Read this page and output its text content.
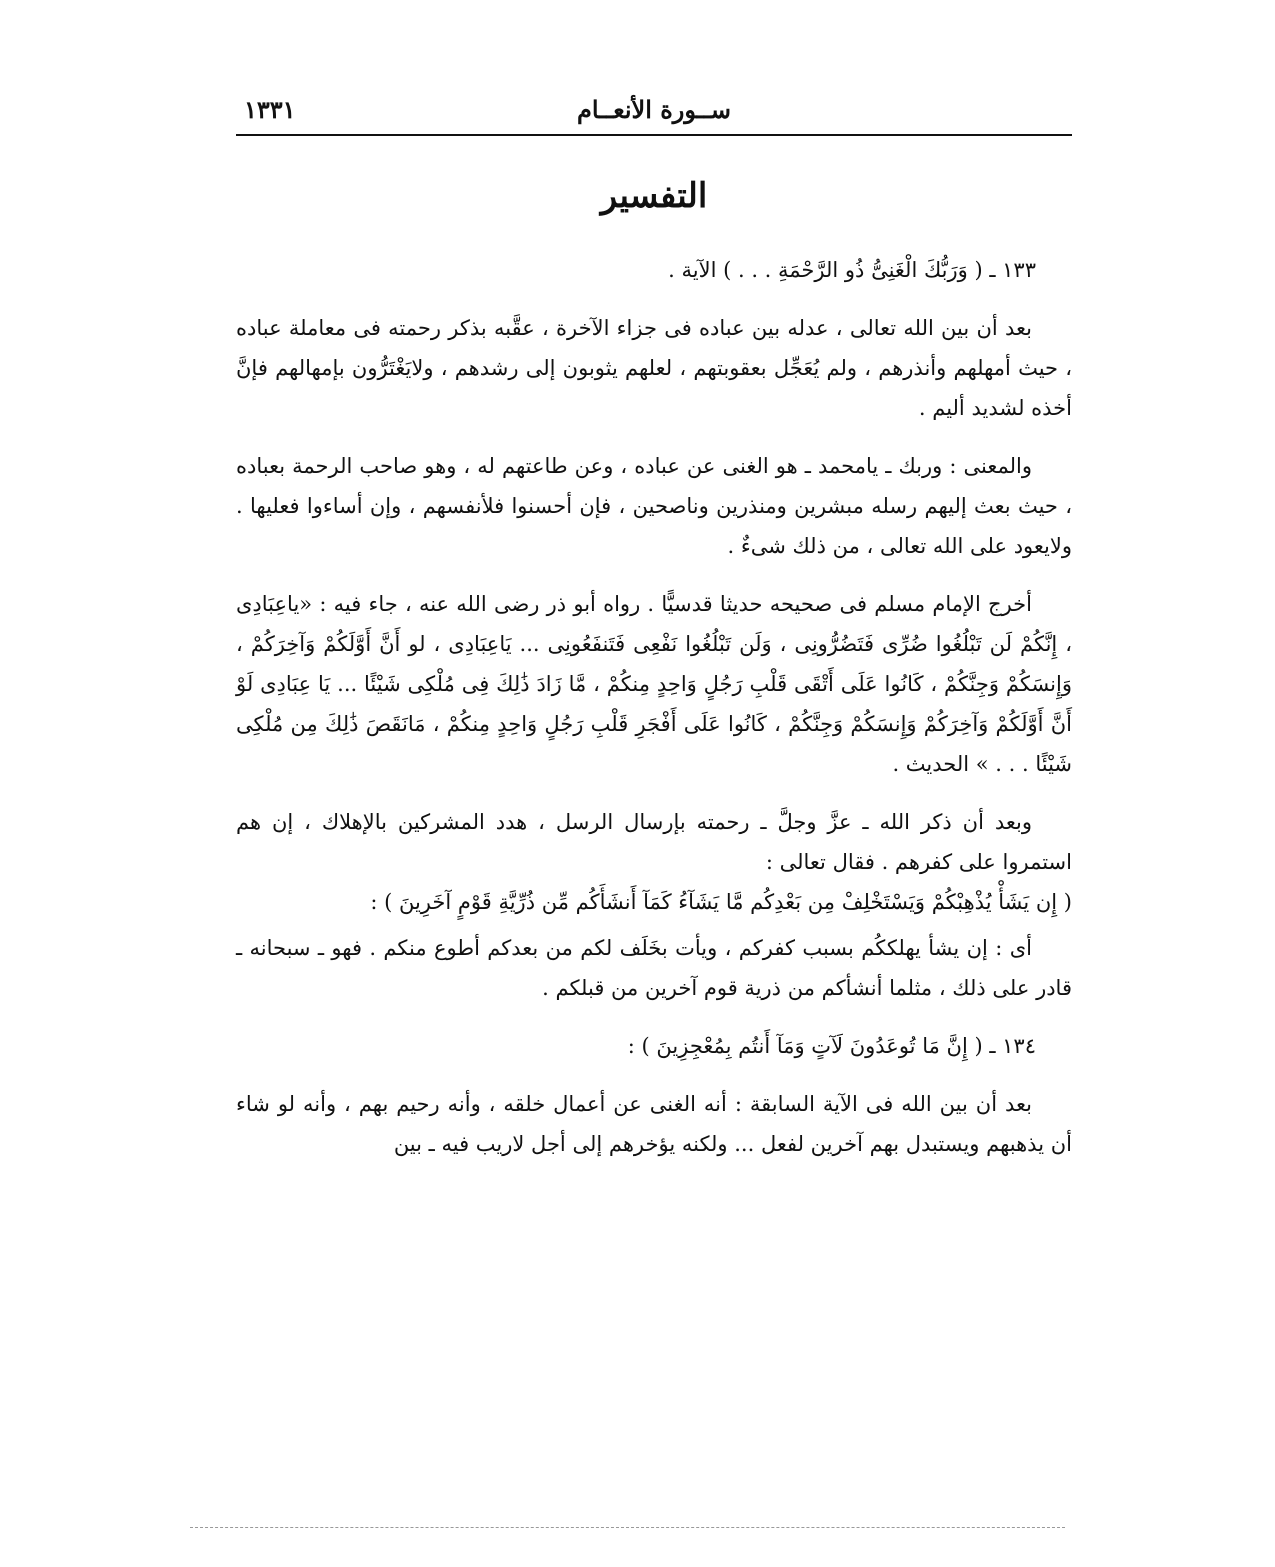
ســورة الأنعــام
١٣٣١
التفسير

١٣٣ ـ ( وَرَبُّكَ الْغَنِىُّ ذُو الرَّحْمَةِ . . . ) الآية .

بعد أن بين الله تعالى ، عدله بين عباده فى جزاء الآخرة ، عقَّبه بذكر رحمته فى معاملة عباده ، حيث أمهلهم وأنذرهم ، ولم يُعَجِّل بعقوبتهم ، لعلهم يثوبون إلى رشدهم ، ولايَغْتَرُّون بإمهالهم فإنَّ أخذه لشديد أليم .

والمعنى : وربك ـ يامحمد ـ هو الغنى عن عباده ، وعن طاعتهم له ، وهو صاحب الرحمة بعباده ، حيث بعث إليهم رسله مبشرين ومنذرين وناصحين ، فإن أحسنوا فلأنفسهم ، وإن أساءوا فعليها . ولايعود على الله تعالى ، من ذلك شىءٌ .

أخرج الإمام مسلم فى صحيحه حديثا قدسيًّا . رواه أبو ذر رضى الله عنه ، جاء فيه : «ياعِبَادِى ، إِنَّكُمْ لَن تَبْلُغُوا ضُرِّى فَتَضُرُّونِى ، وَلَن تَبْلُغُوا نَفْعِى فَتَنفَعُونِى ... يَاعِبَادِى ، لو أَنَّ أَوَّلَكُمْ وَآخِرَكُمْ ، وَإِنسَكُمْ وَجِنَّكُمْ ، كَانُوا عَلَى أَتْقَى قَلْبِ رَجُلٍ وَاحِدٍ مِنكُمْ ، مَّا زَادَ ذَٰلِكَ فِى مُلْكِى شَيْئًا ... يَا عِبَادِى لَوْ أَنَّ أَوَّلَكُمْ وَآخِرَكُمْ وَإِنسَكُمْ وَجِنَّكُمْ ، كَانُوا عَلَى أَفْجَرِ قَلْبِ رَجُلٍ وَاحِدٍ مِنكُمْ ، مَانَقَصَ ذَٰلِكَ مِن مُلْكِى شَيْئًا . . . » الحديث .

وبعد أن ذكر الله ـ عزَّ وجلَّ ـ رحمته بإرسال الرسل ، هدد المشركين بالإهلاك ، إن هم استمروا على كفرهم . فقال تعالى :

( إِن يَشَأْ يُذْهِبْكُمْ وَيَسْتَخْلِفْ مِن بَعْدِكُم مَّا يَشَآءُ كَمَآ أَنشَأَكُم مِّن ذُرِّيَّةِ قَوْمٍ آخَرِينَ ) :

أى : إن يشأ يهلككُم بسبب كفركم ، ويأت بخَلَف لكم من بعدكم أطوع منكم . فهو ـ سبحانه ـ قادر على ذلك ، مثلما أنشأكم من ذرية قوم آخرين من قبلكم .

١٣٤ ـ ( إِنَّ مَا تُوعَدُونَ لَآتٍ وَمَآ أَنتُم بِمُعْجِزِينَ ) :

بعد أن بين الله فى الآية السابقة : أنه الغنى عن أعمال خلقه ، وأنه رحيم بهم ، وأنه لو شاء أن يذهبهم ويستبدل بهم آخرين لفعل ... ولكنه يؤخرهم إلى أجل لاريب فيه ـ بين
